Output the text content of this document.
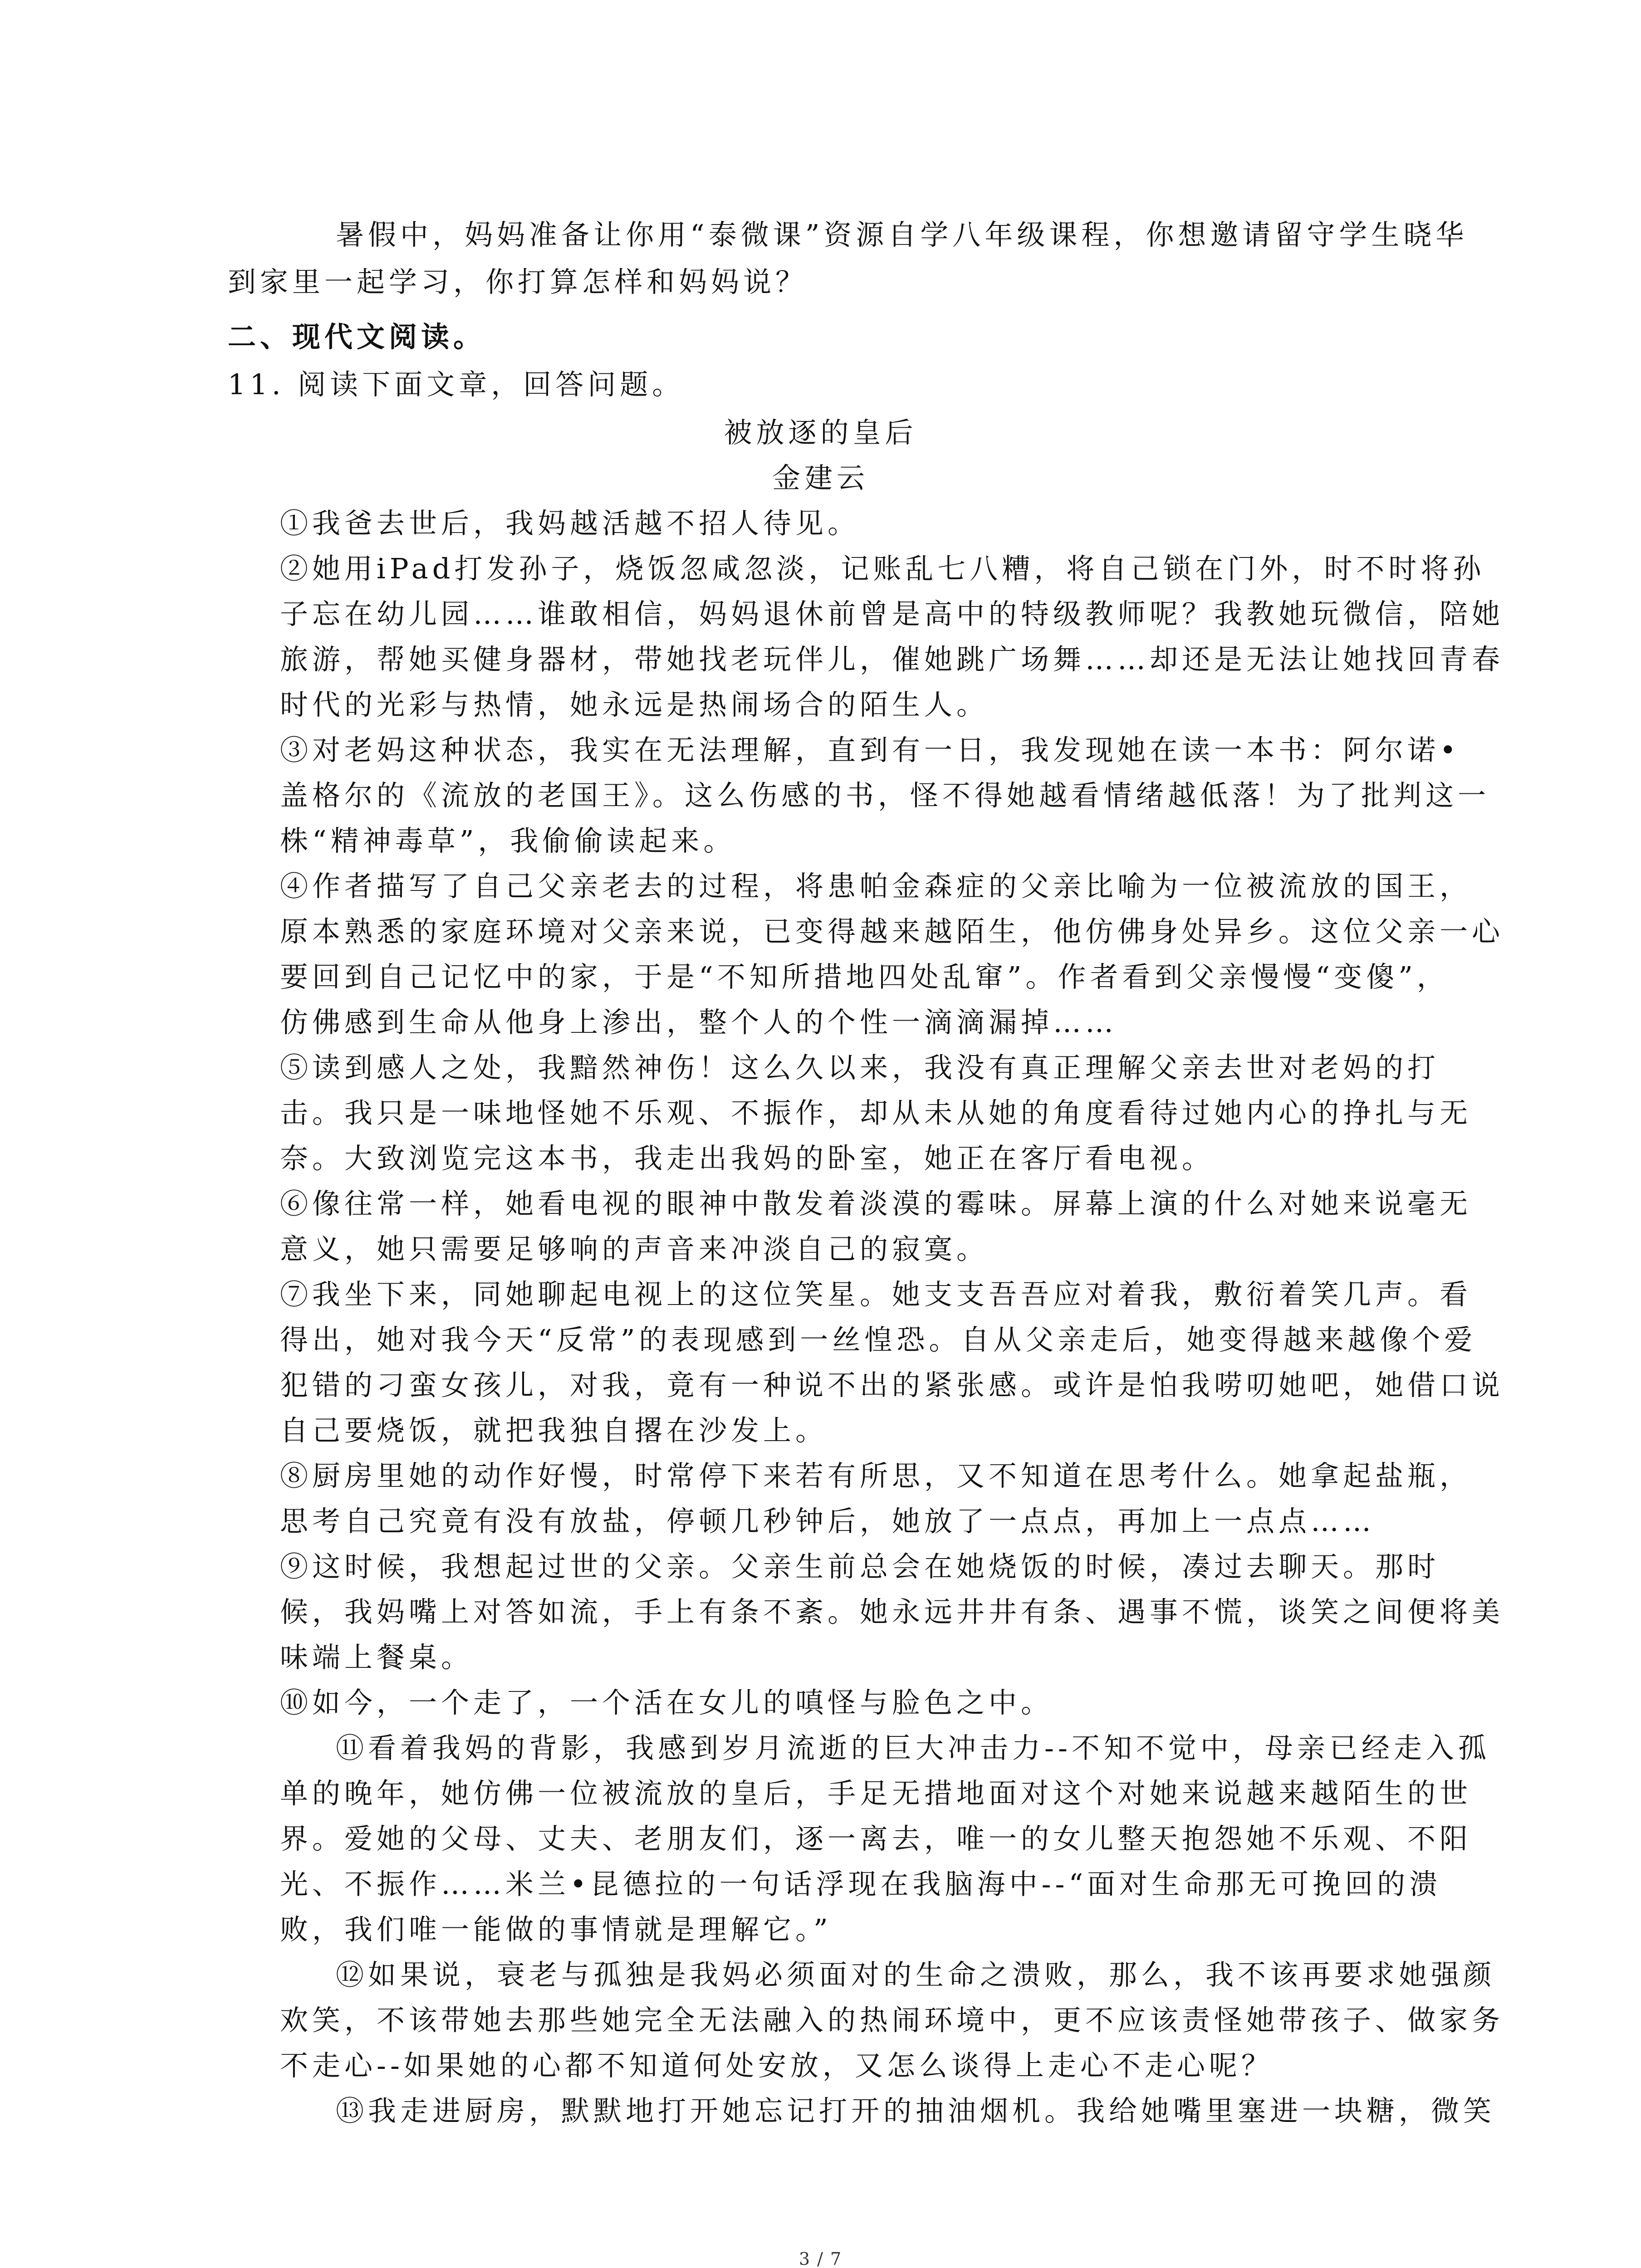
暑假中，妈妈准备让你用“泰微课”资源自学八年级课程，你想邀请留守学生晓华
到家里一起学习，你打算怎样和妈妈说？
二、现代文阅读。
11. 阅读下面文章，回答问题。
被放逐的皇后
金建云
①我爸去世后，我妈越活越不招人待见。
②她用iPad打发孙子，烧饭忽咸忽淡，记账乱七八糟，将自己锁在门外，时不时将孙
子忘在幼儿园……谁敢相信，妈妈退休前曾是高中的特级教师呢？我教她玩微信，陪她
旅游，帮她买健身器材，带她找老玩伴儿，催她跳广场舞……却还是无法让她找回青春
时代的光彩与热情，她永远是热闹场合的陌生人。
③对老妈这种状态，我实在无法理解，直到有一日，我发现她在读一本书：阿尔诺•
盖格尔的《流放的老国王》。这么伤感的书，怪不得她越看情绪越低落！为了批判这一
株“精神毒草”，我偷偷读起来。
④作者描写了自己父亲老去的过程，将患帕金森症的父亲比喻为一位被流放的国王，
原本熟悉的家庭环境对父亲来说，已变得越来越陌生，他仿佛身处异乡。这位父亲一心
要回到自己记忆中的家，于是“不知所措地四处乱窜”。作者看到父亲慢慢“变傻”，
仿佛感到生命从他身上渗出，整个人的个性一滴滴漏掉……
⑤读到感人之处，我黯然神伤！这么久以来，我没有真正理解父亲去世对老妈的打
击。我只是一味地怪她不乐观、不振作，却从未从她的角度看待过她内心的挣扎与无
奈。大致浏览完这本书，我走出我妈的卧室，她正在客厅看电视。
⑥像往常一样，她看电视的眼神中散发着淡漠的霉味。屏幕上演的什么对她来说毫无
意义，她只需要足够响的声音来冲淡自己的寂寞。
⑦我坐下来，同她聊起电视上的这位笑星。她支支吾吾应对着我，敷衍着笑几声。看
得出，她对我今天“反常”的表现感到一丝惶恐。自从父亲走后，她变得越来越像个爱
犯错的刁蛮女孩儿，对我，竟有一种说不出的紧张感。或许是怕我唠叨她吧，她借口说
自己要烧饭，就把我独自撂在沙发上。
⑧厨房里她的动作好慢，时常停下来若有所思，又不知道在思考什么。她拿起盐瓶，
思考自己究竟有没有放盐，停顿几秒钟后，她放了一点点，再加上一点点……
⑨这时候，我想起过世的父亲。父亲生前总会在她烧饭的时候，凑过去聊天。那时
候，我妈嘴上对答如流，手上有条不紊。她永远井井有条、遇事不慌，谈笑之间便将美
味端上餐桌。
⑩如今，一个走了，一个活在女儿的嗔怪与脸色之中。
⑪看着我妈的背影，我感到岁月流逝的巨大冲击力--不知不觉中，母亲已经走入孤
单的晚年，她仿佛一位被流放的皇后，手足无措地面对这个对她来说越来越陌生的世
界。爱她的父母、丈夫、老朋友们，逐一离去，唯一的女儿整天抱怨她不乐观、不阳
光、不振作……米兰•昆德拉的一句话浮现在我脑海中--“面对生命那无可挽回的溃
败，我们唯一能做的事情就是理解它。”
⑫如果说，衰老与孤独是我妈必须面对的生命之溃败，那么，我不该再要求她强颜
欢笑，不该带她去那些她完全无法融入的热闹环境中，更不应该责怪她带孩子、做家务
不走心--如果她的心都不知道何处安放，又怎么谈得上走心不走心呢？
⑬我走进厨房，默默地打开她忘记打开的抽油烟机。我给她嘴里塞进一块糖，微笑
3 / 7
